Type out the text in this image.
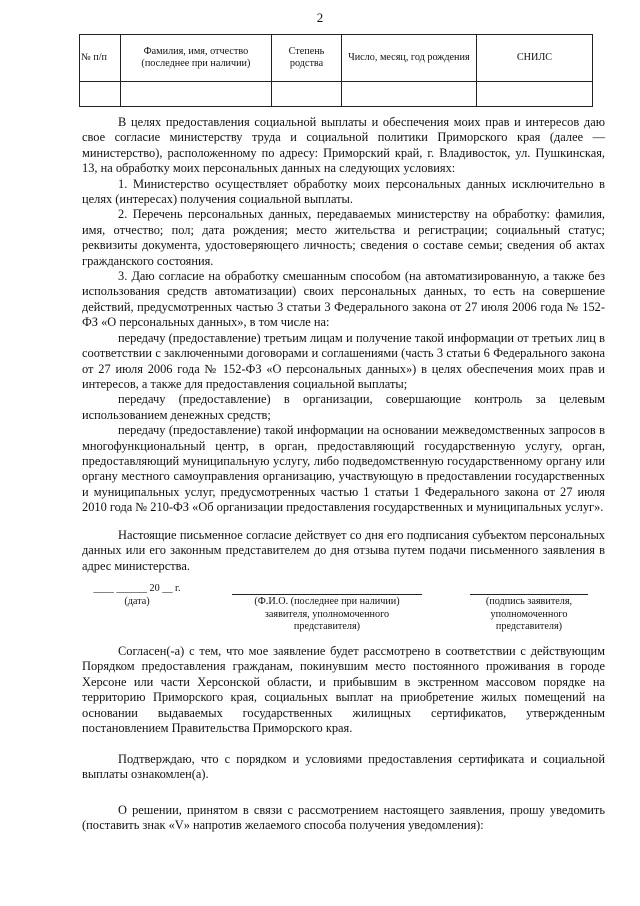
2
№ п/п	Фамилия, имя, отчество (последнее при наличии)	Степень родства	Число, месяц, год рождения	СНИЛС

В целях предоставления социальной выплаты и обеспечения моих прав и интересов даю свое согласие министерству труда и социальной политики Приморского края (далее — министерство), расположенному по адресу: Приморский край, г. Владивосток, ул. Пушкинская, 13, на обработку моих персональных данных на следующих условиях:

1. Министерство осуществляет обработку моих персональных данных исключительно в целях (интересах) получения социальной выплаты.

2. Перечень персональных данных, передаваемых министерству на обработку: фамилия, имя, отчество; пол; дата рождения; место жительства и регистрации; социальный статус; реквизиты документа, удостоверяющего личность; сведения о составе семьи; сведения об актах гражданского состояния.

3. Даю согласие на обработку смешанным способом (на автоматизированную, а также без использования средств автоматизации) своих персональных данных, то есть на совершение действий, предусмотренных частью 3 статьи 3 Федерального закона от 27 июля 2006 года № 152-ФЗ «О персональных данных», в том числе на:

передачу (предоставление) третьим лицам и получение такой информации от третьих лиц в соответствии с заключенными договорами и соглашениями (часть 3 статьи 6 Федерального закона от 27 июля 2006 года № 152-ФЗ «О персональных данных») в целях обеспечения моих прав и интересов, а также для предоставления социальной выплаты;

передачу (предоставление) в организации, совершающие контроль за целевым использованием денежных средств;

передачу (предоставление) такой информации на основании межведомственных запросов в многофункциональный центр, в орган, предоставляющий государственную услугу, орган, предоставляющий муниципальную услугу, либо подведомственную государственному органу или органу местного самоуправления организацию, участвующую в предоставлении государственных и муниципальных услуг, предусмотренных частью 1 статьи 1 Федерального закона от 27 июля 2010 года № 210-ФЗ «Об организации предоставления государственных и муниципальных услуг».

Настоящие письменное согласие действует со дня его подписания субъектом персональных данных или его законным представителем до дня отзыва путем подачи письменного заявления в адрес министерства.

____ ______ 20 __ г.
(дата)	(Ф.И.О. (последнее при наличии) заявителя, уполномоченного представителя)
(подпись заявителя, уполномоченного представителя)

Согласен(-а) с тем, что мое заявление будет рассмотрено в соответствии с действующим Порядком предоставления гражданам, покинувшим место постоянного проживания в городе Херсоне или части Херсонской области, и прибывшим в экстренном массовом порядке на территорию Приморского края, социальных выплат на приобретение жилых помещений на основании выдаваемых государственных жилищных сертификатов, утвержденным постановлением Правительства Приморского края.

Подтверждаю, что с порядком и условиями предоставления сертификата и социальной выплаты ознакомлен(а).

О решении, принятом в связи с рассмотрением настоящего заявления, прошу уведомить (поставить знак «V» напротив желаемого способа получения уведомления):
